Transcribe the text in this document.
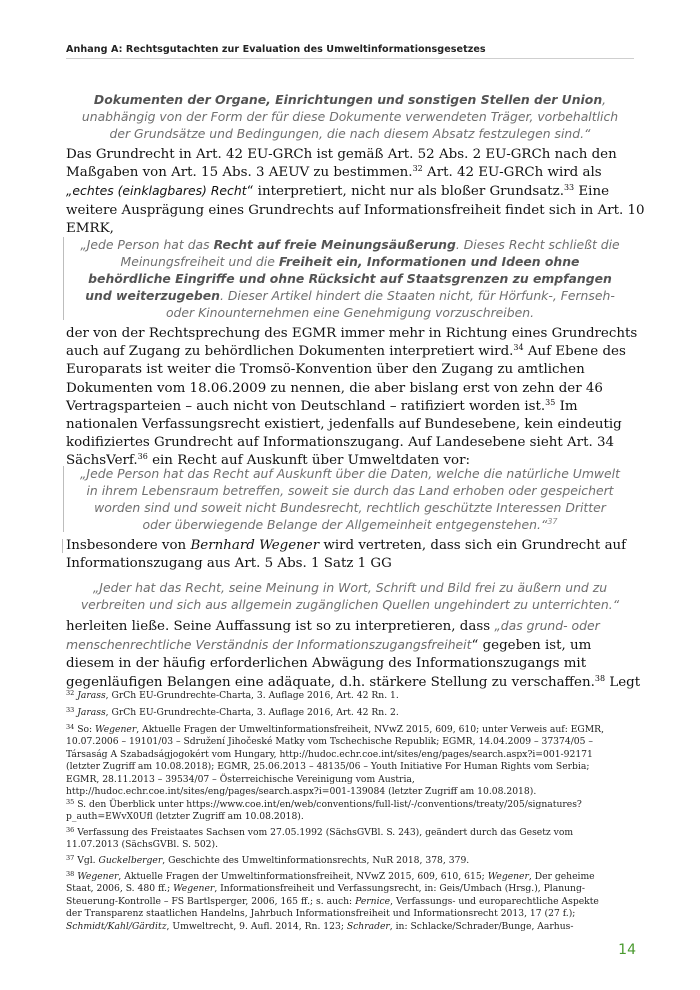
Anhang A: Rechtsgutachten zur Evaluation des Umweltinformationsgesetzes
Dokumenten der Organe, Einrichtungen und sonstigen Stellen der Union,
unabhängig von der Form der für diese Dokumente verwendeten Träger, vorbehaltlich
der Grundsätze und Bedingungen, die nach diesem Absatz festzulegen sind.“
Das Grundrecht in Art. 42 EU-GRCh ist gemäß Art. 52 Abs. 2 EU-GRCh nach den
Maßgaben von Art. 15 Abs. 3 AEUV zu bestimmen.$^{32}$ Art. 42 EU-GRCh wird als
„echtes (einklagbares) Recht“ interpretiert, nicht nur als bloßer Grundsatz.$^{33}$ Eine
weitere Ausprägung eines Grundrechts auf Informationsfreiheit findet sich in Art. 10
EMRK,
„Jede Person hat das Recht auf freie Meinungsäußerung. Dieses Recht schließt die
Meinungsfreiheit und die Freiheit ein, Informationen und Ideen ohne
behördliche Eingriffe und ohne Rücksicht auf Staatsgrenzen zu empfangen
und weiterzugeben. Dieser Artikel hindert die Staaten nicht, für Hörfunk-, Fernseh-
oder Kinounternehmen eine Genehmigung vorzuschreiben.
der von der Rechtsprechung des EGMR immer mehr in Richtung eines Grundrechts
auch auf Zugang zu behördlichen Dokumenten interpretiert wird.$^{34}$ Auf Ebene des
Europarats ist weiter die Tromsö-Konvention über den Zugang zu amtlichen
Dokumenten vom 18.06.2009 zu nennen, die aber bislang erst von zehn der 46
Vertragsparteien – auch nicht von Deutschland – ratifiziert worden ist.$^{35}$ Im
nationalen Verfassungsrecht existiert, jedenfalls auf Bundesebene, kein eindeutig
kodifiziertes Grundrecht auf Informationszugang. Auf Landesebene sieht Art. 34
SächsVerf.$^{36}$ ein Recht auf Auskunft über Umweltdaten vor:
„Jede Person hat das Recht auf Auskunft über die Daten, welche die natürliche Umwelt
in ihrem Lebensraum betreffen, soweit sie durch das Land erhoben oder gespeichert
worden sind und soweit nicht Bundesrecht, rechtlich geschützte Interessen Dritter
oder überwiegende Belange der Allgemeinheit entgegenstehen.“$^{37}$
Insbesondere von Bernhard Wegener wird vertreten, dass sich ein Grundrecht auf
Informationszugang aus Art. 5 Abs. 1 Satz 1 GG
„Jeder hat das Recht, seine Meinung in Wort, Schrift und Bild frei zu äußern und zu
verbreiten und sich aus allgemein zugänglichen Quellen ungehindert zu unterrichten.“
herleiten ließe. Seine Auffassung ist so zu interpretieren, dass „das grund- oder
menschenrechtliche Verständnis der Informationszugangsfreiheit“ gegeben ist, um
diesem in der häufig erforderlichen Abwägung des Informationszugangs mit
gegenläufigen Belangen eine adäquate, d.h. stärkere Stellung zu verschaffen.$^{38}$ Legt
$^{32}$ Jarass, GrCh EU-Grundrechte-Charta, 3. Auflage 2016, Art. 42 Rn. 1.
$^{33}$ Jarass, GrCh EU-Grundrechte-Charta, 3. Auflage 2016, Art. 42 Rn. 2.
$^{34}$ So: Wegener, Aktuelle Fragen der Umweltinformationsfreiheit, NVwZ 2015, 609, 610; unter Verweis auf: EGMR,
10.07.2006 – 19101/03 – Sdružení Jihočeské Matky vom Tschechische Republik; EGMR, 14.04.2009 – 37374/05 –
Társaság A Szabadságjogokért vom Hungary, http://hudoc.echr.coe.int/sites/eng/pages/search.aspx?i=001-92171
(letzter Zugriff am 10.08.2018); EGMR, 25.06.2013 – 48135/06 – Youth Initiative For Human Rights vom Serbia;
EGMR, 28.11.2013 – 39534/07 – Österreichische Vereinigung vom Austria,
http://hudoc.echr.coe.int/sites/eng/pages/search.aspx?i=001-139084 (letzter Zugriff am 10.08.2018).
$^{35}$ S. den Überblick unter https://www.coe.int/en/web/conventions/full-list/-/conventions/treaty/205/signatures?
p_auth=EWvX0Ufl (letzter Zugriff am 10.08.2018).
$^{36}$ Verfassung des Freistaates Sachsen vom 27.05.1992 (SächsGVBl. S. 243), geändert durch das Gesetz vom
11.07.2013 (SächsGVBl. S. 502).
$^{37}$ Vgl. Guckelberger, Geschichte des Umweltinformationsrechts, NuR 2018, 378, 379.
$^{38}$ Wegener, Aktuelle Fragen der Umweltinformationsfreiheit, NVwZ 2015, 609, 610, 615; Wegener, Der geheime
Staat, 2006, S. 480 ff.; Wegener, Informationsfreiheit und Verfassungsrecht, in: Geis/Umbach (Hrsg.), Planung-
Steuerung-Kontrolle – FS Bartlsperger, 2006, 165 ff.; s. auch: Pernice, Verfassungs- und europarechtliche Aspekte
der Transparenz staatlichen Handelns, Jahrbuch Informationsfreiheit und Informationsrecht 2013, 17 (27 f.);
Schmidt/Kahl/Gärditz, Umweltrecht, 9. Aufl. 2014, Rn. 123; Schrader, in: Schlacke/Schrader/Bunge, Aarhus-
14
